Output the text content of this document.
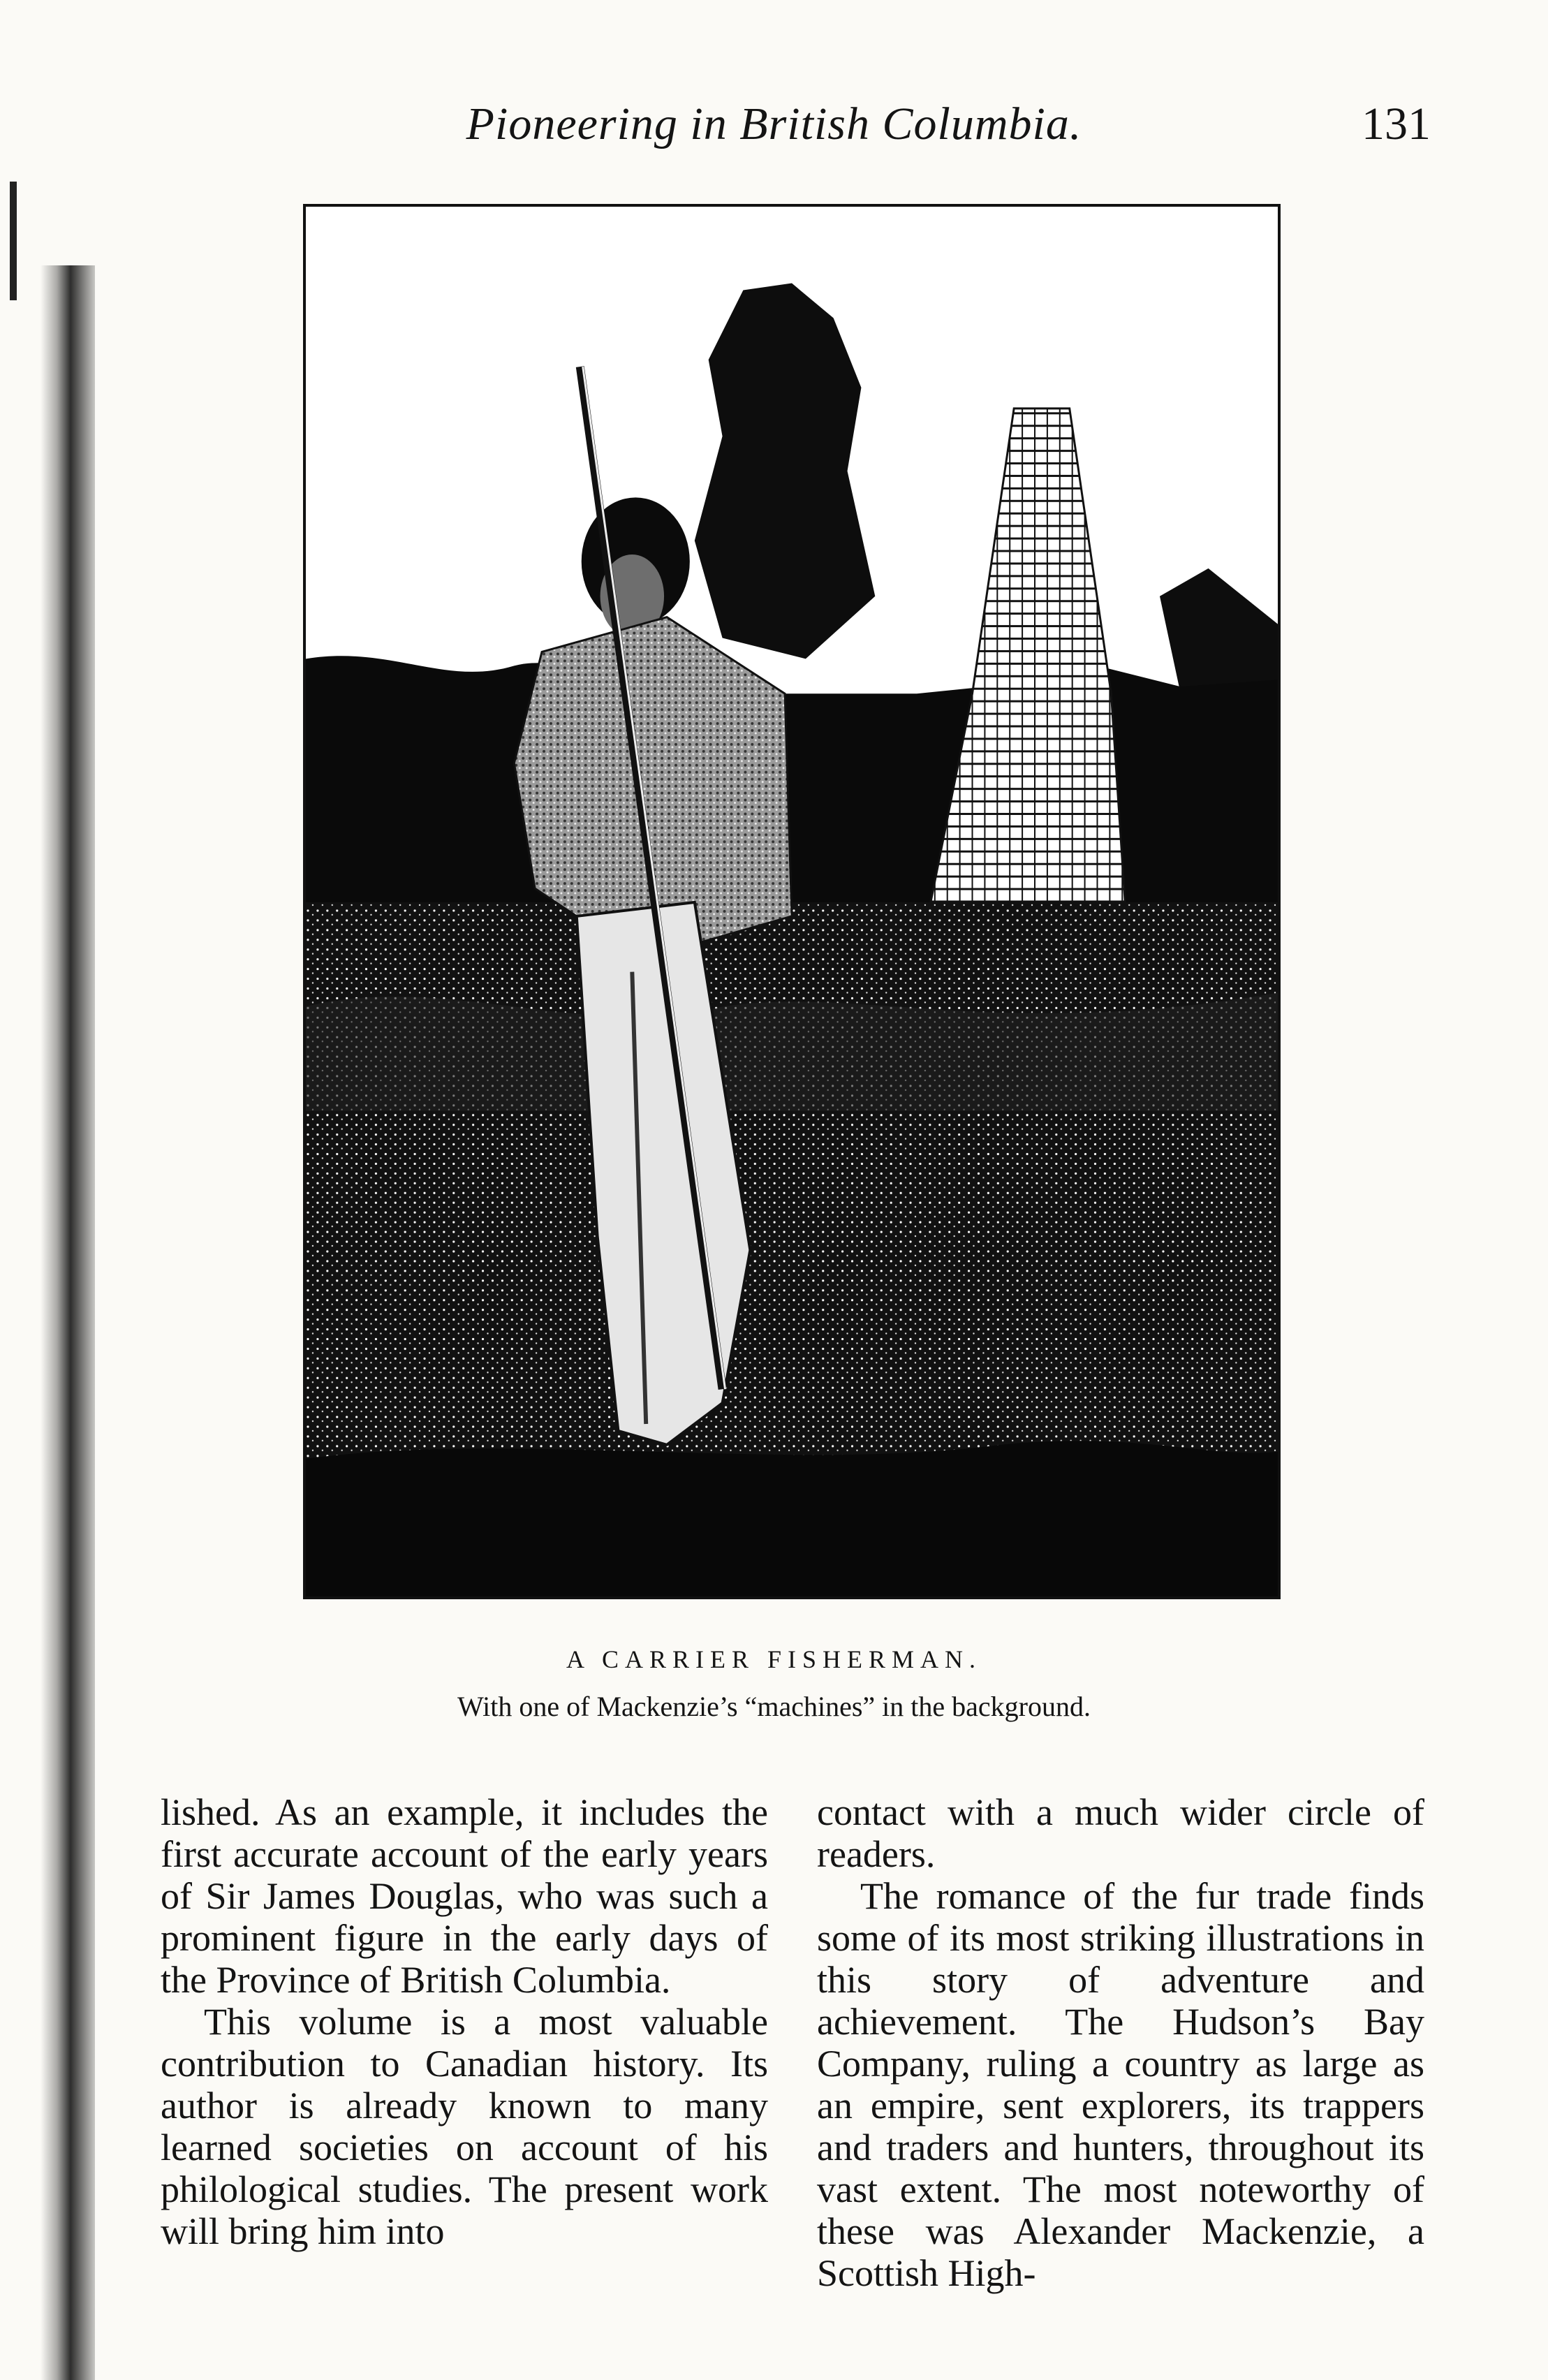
Pioneering in British Columbia.	131
A CARRIER FISHERMAN.
With one of Mackenzie’s “machines” in the background.

lished. As an example, it includes the first accurate account of the early years of Sir James Douglas, who was such a prominent figure in the early days of the Province of British Columbia.

This volume is a most valuable contribution to Canadian history. Its author is already known to many learned societies on account of his philological studies. The present work will bring him into

contact with a much wider circle of readers.

The romance of the fur trade finds some of its most striking illustrations in this story of adventure and achievement. The Hudson’s Bay Company, ruling a country as large as an empire, sent explorers, its trappers and traders and hunters, throughout its vast extent. The most noteworthy of these was Alexander Mackenzie, a Scottish High-
